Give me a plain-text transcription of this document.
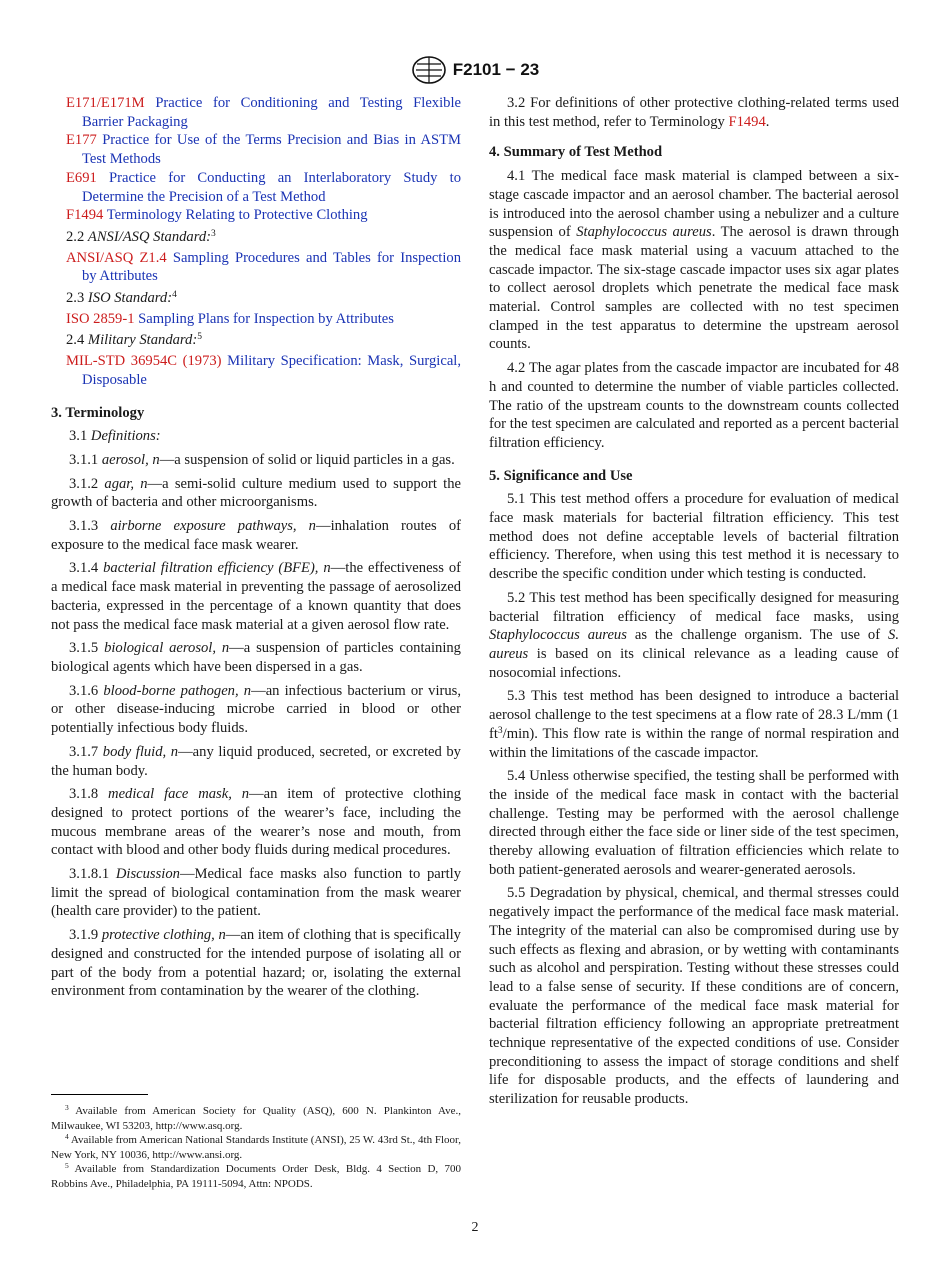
F2101 − 23

E171/E171M Practice for Conditioning and Testing Flexible Barrier Packaging

E177 Practice for Use of the Terms Precision and Bias in ASTM Test Methods

E691 Practice for Conducting an Interlaboratory Study to Determine the Precision of a Test Method

F1494 Terminology Relating to Protective Clothing

2.2 ANSI/ASQ Standard:$^3$

ANSI/ASQ Z1.4 Sampling Procedures and Tables for Inspection by Attributes

2.3 ISO Standard:$^4$

ISO 2859-1 Sampling Plans for Inspection by Attributes

2.4 Military Standard:$^5$

MIL-STD 36954C (1973) Military Specification: Mask, Surgical, Disposable

3. Terminology

3.1 Definitions:

3.1.1 aerosol, n—a suspension of solid or liquid particles in a gas.

3.1.2 agar, n—a semi-solid culture medium used to support the growth of bacteria and other microorganisms.

3.1.3 airborne exposure pathways, n—inhalation routes of exposure to the medical face mask wearer.

3.1.4 bacterial filtration efficiency (BFE), n—the effectiveness of a medical face mask material in preventing the passage of aerosolized bacteria, expressed in the percentage of a known quantity that does not pass the medical face mask material at a given aerosol flow rate.

3.1.5 biological aerosol, n—a suspension of particles containing biological agents which have been dispersed in a gas.

3.1.6 blood-borne pathogen, n—an infectious bacterium or virus, or other disease-inducing microbe carried in blood or other potentially infectious body fluids.

3.1.7 body fluid, n—any liquid produced, secreted, or excreted by the human body.

3.1.8 medical face mask, n—an item of protective clothing designed to protect portions of the wearer’s face, including the mucous membrane areas of the wearer’s nose and mouth, from contact with blood and other body fluids during medical procedures.

3.1.8.1 Discussion—Medical face masks also function to partly limit the spread of biological contamination from the mask wearer (health care provider) to the patient.

3.1.9 protective clothing, n—an item of clothing that is specifically designed and constructed for the intended purpose of isolating all or part of the body from a potential hazard; or, isolating the external environment from contamination by the wearer of the clothing.

$^3$ Available from American Society for Quality (ASQ), 600 N. Plankinton Ave., Milwaukee, WI 53203, http://www.asq.org.

$^4$ Available from American National Standards Institute (ANSI), 25 W. 43rd St., 4th Floor, New York, NY 10036, http://www.ansi.org.

$^5$ Available from Standardization Documents Order Desk, Bldg. 4 Section D, 700 Robbins Ave., Philadelphia, PA 19111-5094, Attn: NPODS.

3.2 For definitions of other protective clothing-related terms used in this test method, refer to Terminology F1494.

4. Summary of Test Method

4.1 The medical face mask material is clamped between a six-stage cascade impactor and an aerosol chamber. The bacterial aerosol is introduced into the aerosol chamber using a nebulizer and a culture suspension of Staphylococcus aureus. The aerosol is drawn through the medical face mask material using a vacuum attached to the cascade impactor. The six-stage cascade impactor uses six agar plates to collect aerosol droplets which penetrate the medical face mask material. Control samples are collected with no test specimen clamped in the test apparatus to determine the upstream aerosol counts.

4.2 The agar plates from the cascade impactor are incubated for 48 h and counted to determine the number of viable particles collected. The ratio of the upstream counts to the downstream counts collected for the test specimen are calculated and reported as a percent bacterial filtration efficiency.

5. Significance and Use

5.1 This test method offers a procedure for evaluation of medical face mask materials for bacterial filtration efficiency. This test method does not define acceptable levels of bacterial filtration efficiency. Therefore, when using this test method it is necessary to describe the specific condition under which testing is conducted.

5.2 This test method has been specifically designed for measuring bacterial filtration efficiency of medical face masks, using Staphylococcus aureus as the challenge organism. The use of S. aureus is based on its clinical relevance as a leading cause of nosocomial infections.

5.3 This test method has been designed to introduce a bacterial aerosol challenge to the test specimens at a flow rate of 28.3 L/mm (1 $ft^3/\min$). This flow rate is within the range of normal respiration and within the limitations of the cascade impactor.

5.4 Unless otherwise specified, the testing shall be performed with the inside of the medical face mask in contact with the bacterial challenge. Testing may be performed with the aerosol challenge directed through either the face side or liner side of the test specimen, thereby allowing evaluation of filtration efficiencies which relate to both patient-generated aerosols and wearer-generated aerosols.

5.5 Degradation by physical, chemical, and thermal stresses could negatively impact the performance of the medical face mask material. The integrity of the material can also be compromised during use by such effects as flexing and abrasion, or by wetting with contaminants such as alcohol and perspiration. Testing without these stresses could lead to a false sense of security. If these conditions are of concern, evaluate the performance of the medical face mask material for bacterial filtration efficiency following an appropriate pretreatment technique representative of the expected conditions of use. Consider preconditioning to assess the impact of storage conditions and shelf life for disposable products, and the effects of laundering and sterilization for reusable products.

2
